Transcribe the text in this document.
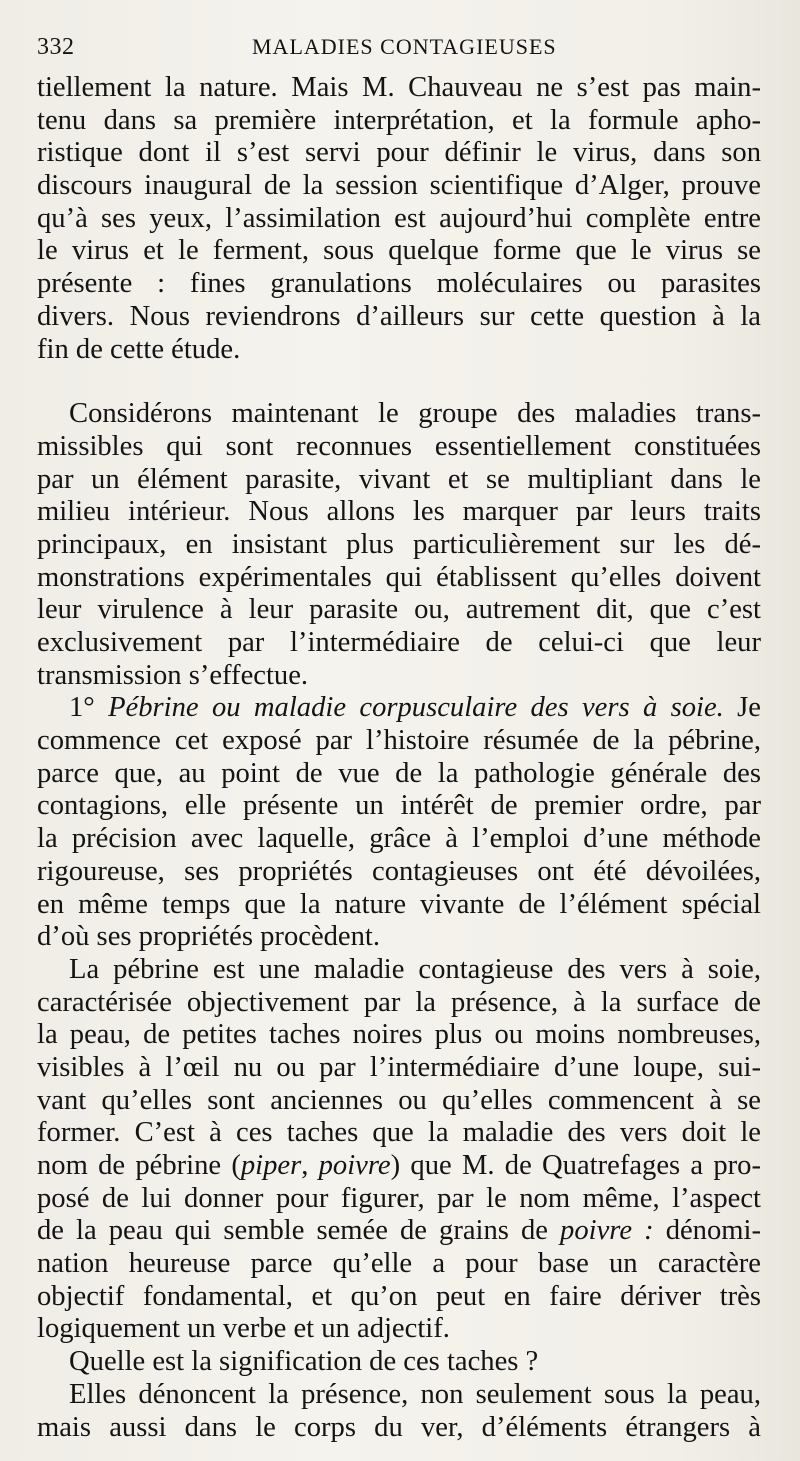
332	MALADIES CONTAGIEUSES
tiellement la nature. Mais M. Chauveau ne s’est pas main-
tenu dans sa première interprétation, et la formule apho-
ristique dont il s’est servi pour définir le virus, dans son
discours inaugural de la session scientifique d’Alger, prouve
qu’à ses yeux, l’assimilation est aujourd’hui complète entre
le virus et le ferment, sous quelque forme que le virus se
présente : fines granulations moléculaires ou parasites
divers. Nous reviendrons d’ailleurs sur cette question à la
fin de cette étude.
Considérons maintenant le groupe des maladies trans-
missibles qui sont reconnues essentiellement constituées
par un élément parasite, vivant et se multipliant dans le
milieu intérieur. Nous allons les marquer par leurs traits
principaux, en insistant plus particulièrement sur les dé-
monstrations expérimentales qui établissent qu’elles doivent
leur virulence à leur parasite ou, autrement dit, que c’est
exclusivement par l’intermédiaire de celui-ci que leur
transmission s’effectue.
1° Pébrine ou maladie corpusculaire des vers à soie. Je
commence cet exposé par l’histoire résumée de la pébrine,
parce que, au point de vue de la pathologie générale des
contagions, elle présente un intérêt de premier ordre, par
la précision avec laquelle, grâce à l’emploi d’une méthode
rigoureuse, ses propriétés contagieuses ont été dévoilées,
en même temps que la nature vivante de l’élément spécial
d’où ses propriétés procèdent.
La pébrine est une maladie contagieuse des vers à soie,
caractérisée objectivement par la présence, à la surface de
la peau, de petites taches noires plus ou moins nombreuses,
visibles à l’œil nu ou par l’intermédiaire d’une loupe, sui-
vant qu’elles sont anciennes ou qu’elles commencent à se
former. C’est à ces taches que la maladie des vers doit le
nom de pébrine (piper, poivre) que M. de Quatrefages a pro-
posé de lui donner pour figurer, par le nom même, l’aspect
de la peau qui semble semée de grains de poivre : dénomi-
nation heureuse parce qu’elle a pour base un caractère
objectif fondamental, et qu’on peut en faire dériver très
logiquement un verbe et un adjectif.
Quelle est la signification de ces taches ?
Elles dénoncent la présence, non seulement sous la peau,
mais aussi dans le corps du ver, d’éléments étrangers à
